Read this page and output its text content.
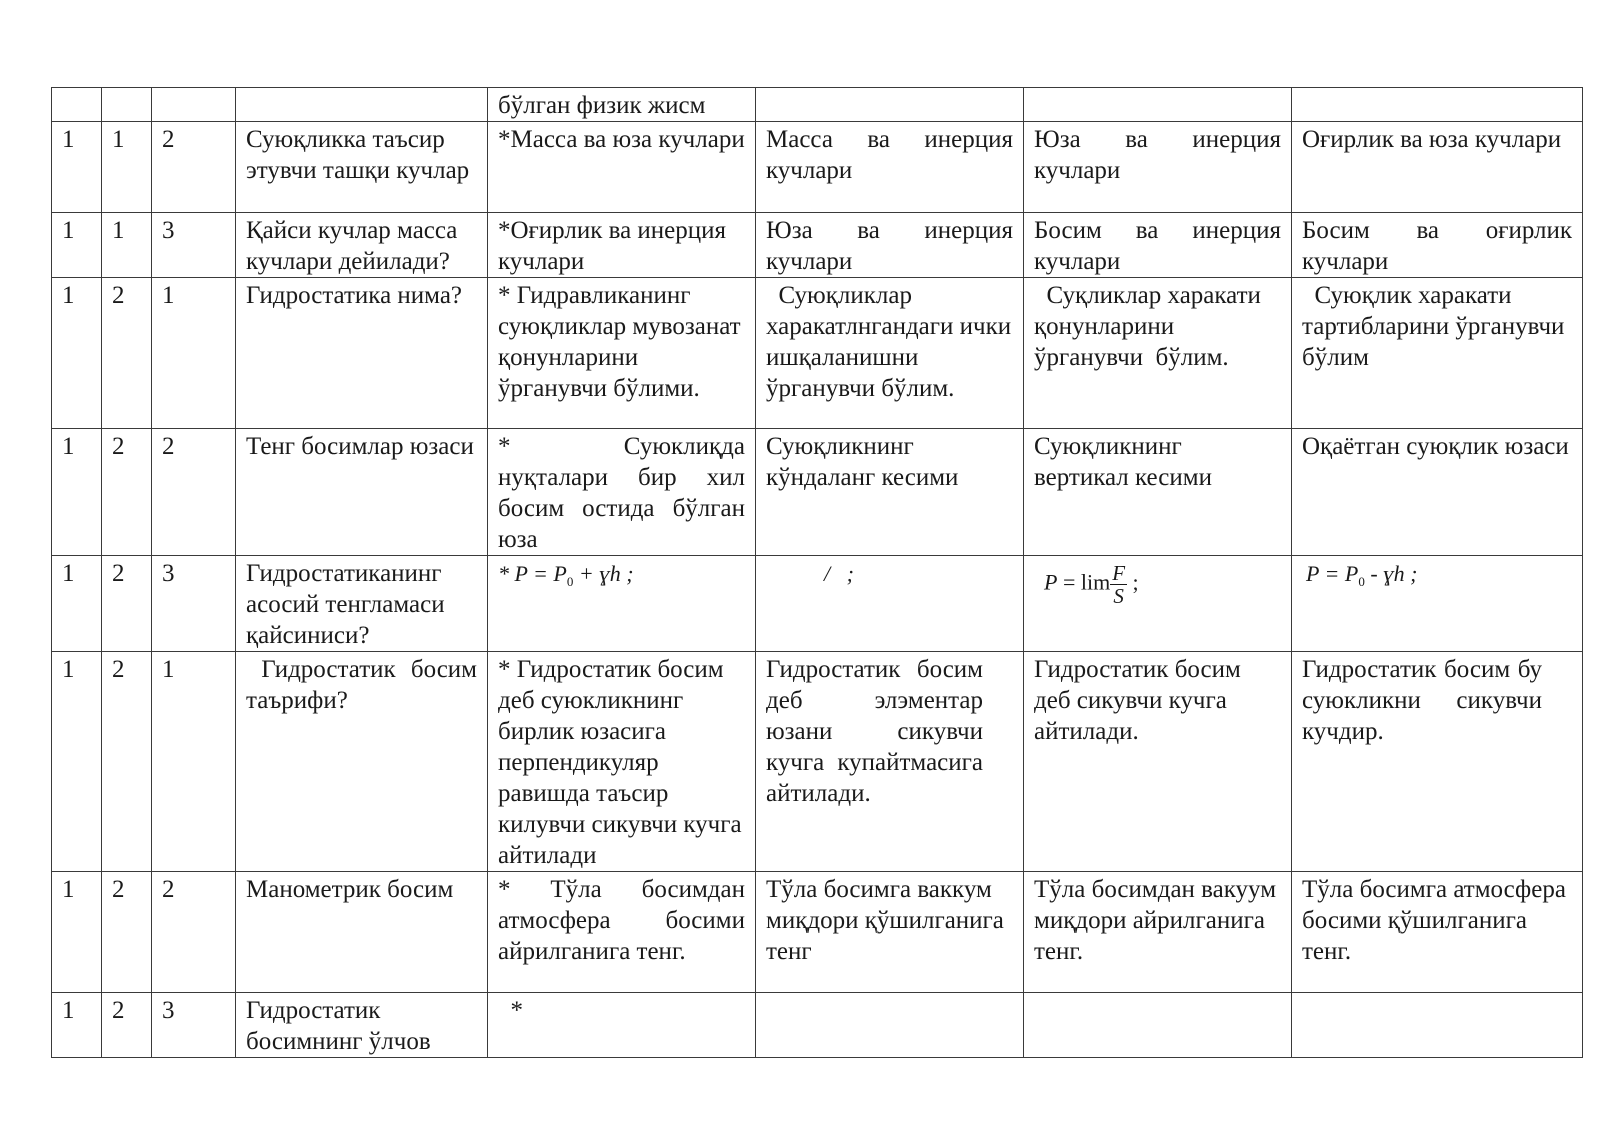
				бўлган физик жисм			
1	1	2	Суюқликка таъсир этувчи ташқи кучлар	*Масса ва юза кучлари	Масса ва инерция кучлари	Юза ва инерция кучлари	Оғирлик ва юза кучлари
1	1	3	Қайси кучлар масса кучлари дейилади?	*Оғирлик ва инерция кучлари	Юза ва инерция кучлари	Босим ва инерция кучлари	Босим ва оғирлик кучлари
1	2	1	Гидростатика нима?	* Гидравликанинг суюқликлар мувозанат қонунларини ўрганувчи бўлими.	Суюқликлар харакатлнгандаги ички ишқаланишни ўрганувчи бўлим.	Суқликлар харакати қонунларини ўрганувчи  бўлим.	Суюқлик харакати тартибларини ўрганувчи бўлим
1	2	2	Тенг босимлар юзаси	* Суюклиқда нуқталари бир хил босим остида бўлган юза	Суюқликнинг кўндаланг кесими	Суюқликнинг вертикал кесими	Оқаётган суюқлик юзаси
1	2	3	Гидростатиканинг асосий тенгламаси қайсиниси?	* $P = P_0$ + ɣh ;	/   ;	$P = \lim \frac{F}{S}$ ;	$P = P_0$ - ɣh ;
1	2	1	Гидростатик  босим таърифи?	* Гидростатик босим деб суюкликнинг бирлик юзасига перпендикуляр равишда таъсир килувчи сикувчи кучга айтилади	Гидростатик босим деб элэментар юзани сикувчи кучга купайтмасига айтилади.	Гидростатик босим деб сикувчи кучга айтилади.	Гидростатик босим бу суюкликни сикувчи кучдир.
1	2	2	Манометрик босим	* Тўла босимдан атмосфера босими айрилганига тенг.	Тўла босимга ваккум миқдори қўшилганига тенг	Тўла босимдан вакуум миқдори айрилганига тенг.	Тўла босимга атмосфера босими қўшилганига тенг.
1	2	3	Гидростатик босимнинг ўлчов	*			
